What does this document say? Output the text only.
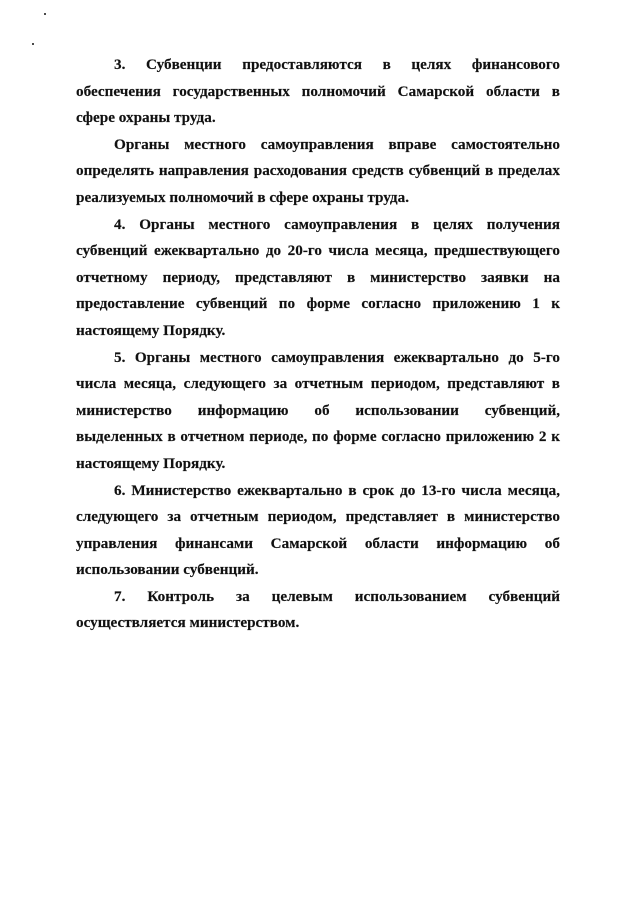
3. Субвенции предоставляются в целях финансового обеспечения государственных полномочий Самарской области в сфере охраны труда.

Органы местного самоуправления вправе самостоятельно определять направления расходования средств субвенций в пределах реализуемых полномочий в сфере охраны труда.

4. Органы местного самоуправления в целях получения субвенций ежеквартально до 20-го числа месяца, предшествующего отчетному периоду, представляют в министерство заявки на предоставление субвенций по форме согласно приложению 1 к настоящему Порядку.

5. Органы местного самоуправления ежеквартально до 5-го числа месяца, следующего за отчетным периодом, представляют в министерство информацию об использовании субвенций, выделенных в отчетном периоде, по форме согласно приложению 2 к настоящему Порядку.

6. Министерство ежеквартально в срок до 13-го числа месяца, следующего за отчетным периодом, представляет в министерство управления финансами Самарской области информацию об использовании субвенций.

7. Контроль за целевым использованием субвенций осуществляется министерством.
